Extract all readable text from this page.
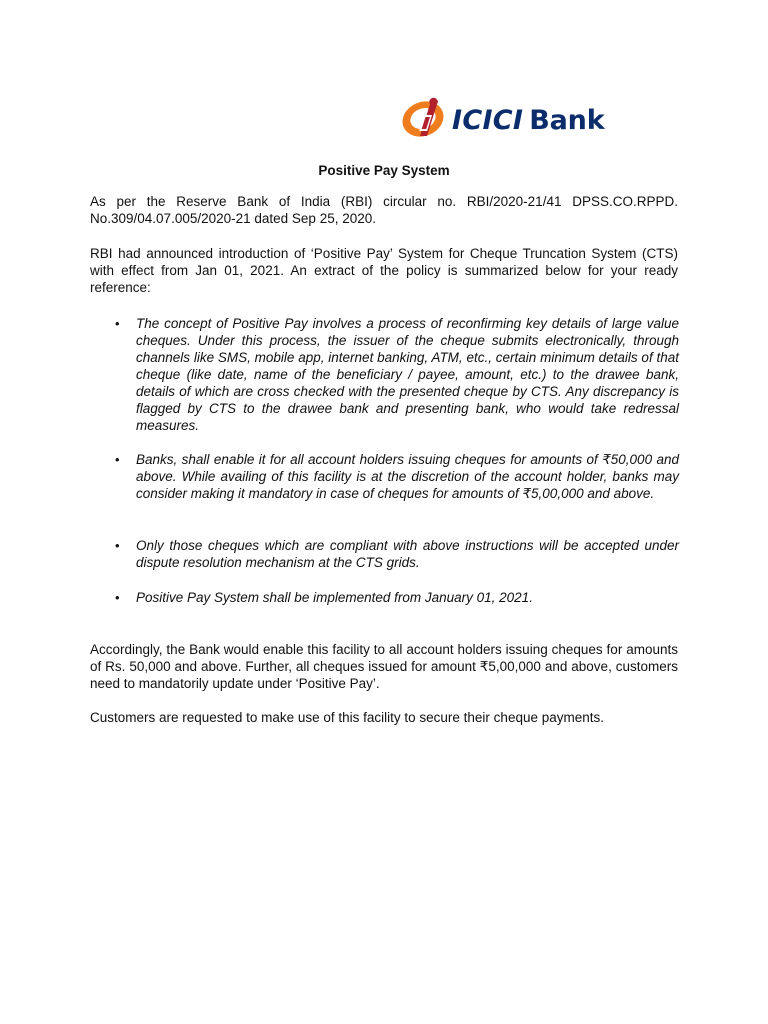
ICICI Bank
Positive Pay System

As per the Reserve Bank of India (RBI) circular no. RBI/2020-21/41 DPSS.CO.RPPD. No.309/04.07.005/2020-21 dated Sep 25, 2020.

RBI had announced introduction of ‘Positive Pay’ System for Cheque Truncation System (CTS) with effect from Jan 01, 2021. An extract of the policy is summarized below for your ready reference:

• The concept of Positive Pay involves a process of reconfirming key details of large value cheques. Under this process, the issuer of the cheque submits electronically, through channels like SMS, mobile app, internet banking, ATM, etc., certain minimum details of that cheque (like date, name of the beneficiary / payee, amount, etc.) to the drawee bank, details of which are cross checked with the presented cheque by CTS. Any discrepancy is flagged by CTS to the drawee bank and presenting bank, who would take redressal measures.
• Banks, shall enable it for all account holders issuing cheques for amounts of ₹50,000 and above. While availing of this facility is at the discretion of the account holder, banks may consider making it mandatory in case of cheques for amounts of ₹5,00,000 and above.
• Only those cheques which are compliant with above instructions will be accepted under dispute resolution mechanism at the CTS grids.
• Positive Pay System shall be implemented from January 01, 2021.

Accordingly, the Bank would enable this facility to all account holders issuing cheques for amounts of Rs. 50,000 and above. Further, all cheques issued for amount ₹5,00,000 and above, customers need to mandatorily update under ‘Positive Pay’.

Customers are requested to make use of this facility to secure their cheque payments.
